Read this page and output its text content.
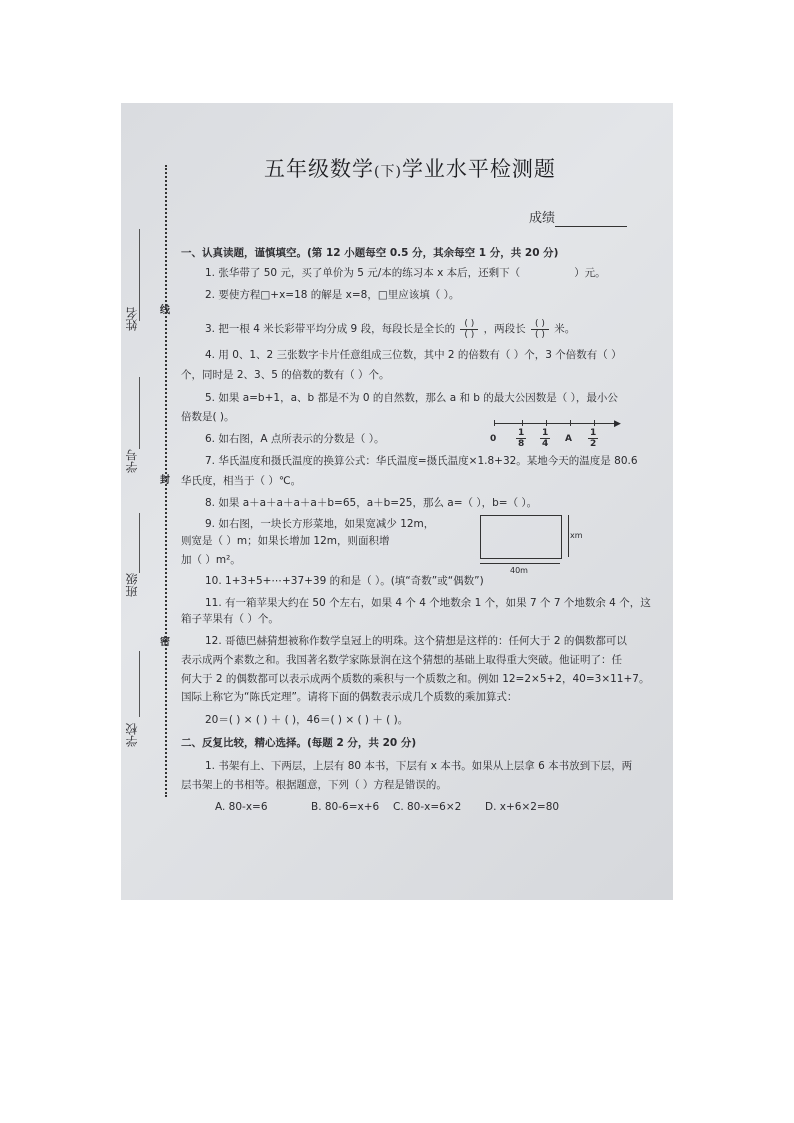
姓名
学号
班级
学校
线
封
密
五年级数学(下)学业水平检测题
成绩
一、认真读题，谨慎填空。(第 12 小题每空 0.5 分，其余每空 1 分，共 20 分)
1. 张华带了 50 元，买了单价为 5 元/本的练习本 x 本后，还剩下（	）元。
2. 要使方程□+x=18 的解是 x=8，□里应该填（ ）。
3. 把一根 4 米长彩带平均分成 9 段，每段长是全长的 $\frac{( )}{( )}$ ，两段长 $\frac{( )}{( )}$ 米。
4. 用 0、1、2 三张数字卡片任意组成三位数，其中 2 的倍数有（ ）个，3 个倍数有（ ）
个，同时是 2、3、5 的倍数的数有（ ）个。
5. 如果 a=b+1，a、b 都是不为 0 的自然数，那么 a 和 b 的最大公因数是（ ），最小公
倍数是( )。
6. 如右图，A 点所表示的分数是（ ）。
▶
0
1
8
1
4 A
1
2
7. 华氏温度和摄氏温度的换算公式：华氏温度=摄氏温度×1.8+32。某地今天的温度是 80.6
华氏度，相当于（ ）℃。
8. 如果 a＋a＋a＋a＋a＋b=65，a＋b=25，那么 a=（ ），b=（ ）。
9. 如右图，一块长方形菜地，如果宽减少 12m，
则宽是（ ）m；如果长增加 12m，则面积增
加（ ）m²。
xm
40m
10. 1+3+5+⋯+37+39 的和是（ ）。(填“奇数”或“偶数”)
11. 有一箱苹果大约在 50 个左右，如果 4 个 4 个地数余 1 个，如果 7 个 7 个地数余 4 个，这
箱子苹果有（ ）个。
12. 哥德巴赫猜想被称作数学皇冠上的明珠。这个猜想是这样的：任何大于 2 的偶数都可以
表示成两个素数之和。我国著名数学家陈景润在这个猜想的基础上取得重大突破。他证明了：任
何大于 2 的偶数都可以表示成两个质数的乘积与一个质数之和。例如 12=2×5+2，40=3×11+7。
国际上称它为“陈氏定理”。请将下面的偶数表示成几个质数的乘加算式：
20＝( ) × ( ) ＋ ( )，46＝( ) × ( ) ＋ ( )。
二、反复比较，精心选择。(每题 2 分，共 20 分)
1. 书架有上、下两层，上层有 80 本书，下层有 x 本书。如果从上层拿 6 本书放到下层，两
层书架上的书相等。根据题意，下列（ ）方程是错误的。
A. 80-x=6	B. 80-6=x+6 C. 80-x=6×2 D. x+6×2=80
